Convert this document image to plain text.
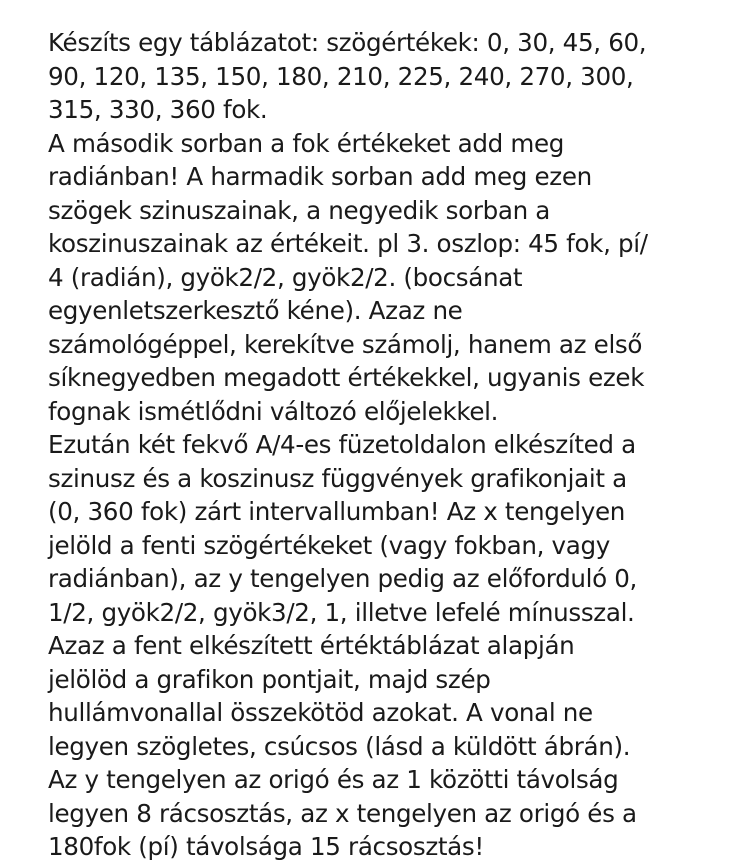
Készíts egy táblázatot: szögértékek: 0, 30, 45, 60,
90, 120, 135, 150, 180, 210, 225, 240, 270, 300,
315, 330, 360 fok.
A második sorban a fok értékeket add meg
radiánban! A harmadik sorban add meg ezen
szögek szinuszainak, a negyedik sorban a
koszinuszainak az értékeit. pl 3. oszlop: 45 fok, pí/
4 (radián), gyök2/2, gyök2/2. (bocsánat
egyenletszerkesztő kéne). Azaz ne
számológéppel, kerekítve számolj, hanem az első
síknegyedben megadott értékekkel, ugyanis ezek
fognak ismétlődni változó előjelekkel.
Ezután két fekvő A/4-es füzetoldalon elkészíted a
szinusz és a koszinusz függvények grafikonjait a
(0, 360 fok) zárt intervallumban! Az x tengelyen
jelöld a fenti szögértékeket (vagy fokban, vagy
radiánban), az y tengelyen pedig az előforduló 0,
1/2, gyök2/2, gyök3/2, 1, illetve lefelé mínusszal.
Azaz a fent elkészített értéktáblázat alapján
jelölöd a grafikon pontjait, majd szép
hullámvonallal összekötöd azokat. A vonal ne
legyen szögletes, csúcsos (lásd a küldött ábrán).
Az y tengelyen az origó és az 1 közötti távolság
legyen 8 rácsosztás, az x tengelyen az origó és a
180fok (pí) távolsága 15 rácsosztás!
